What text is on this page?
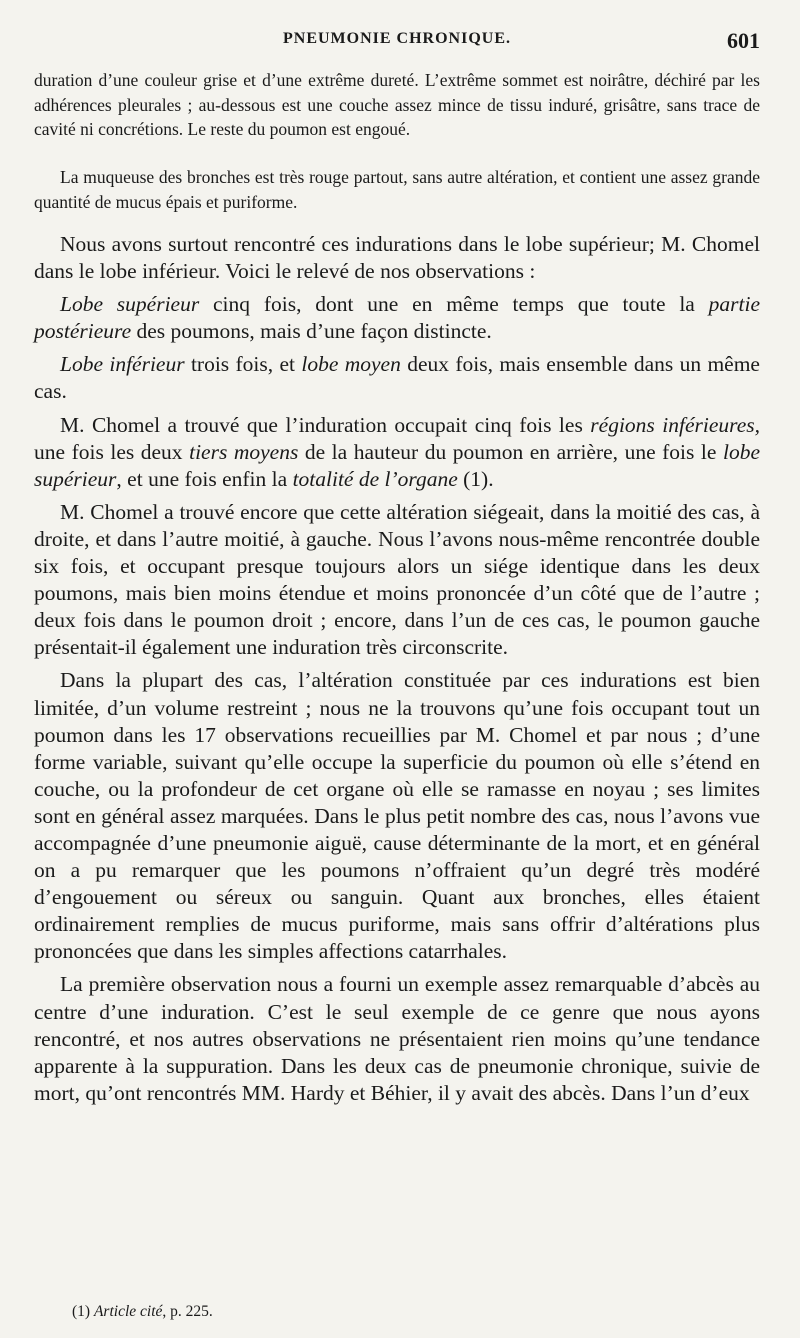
PNEUMONIE CHRONIQUE.	601

duration d’une couleur grise et d’une extrême dureté. L’extrême sommet est noirâtre, déchiré par les adhérences pleurales ; au-dessous est une couche assez mince de tissu induré, grisâtre, sans trace de cavité ni concrétions. Le reste du poumon est engoué.

La muqueuse des bronches est très rouge partout, sans autre altération, et contient une assez grande quantité de mucus épais et puriforme.

Nous avons surtout rencontré ces indurations dans le lobe supérieur; M. Chomel dans le lobe inférieur. Voici le relevé de nos observations :

Lobe supérieur cinq fois, dont une en même temps que toute la partie postérieure des poumons, mais d’une façon distincte.

Lobe inférieur trois fois, et lobe moyen deux fois, mais ensemble dans un même cas.

M. Chomel a trouvé que l’induration occupait cinq fois les régions inférieures, une fois les deux tiers moyens de la hauteur du poumon en arrière, une fois le lobe supérieur, et une fois enfin la totalité de l’organe (1).

M. Chomel a trouvé encore que cette altération siégeait, dans la moitié des cas, à droite, et dans l’autre moitié, à gauche. Nous l’avons nous-même rencontrée double six fois, et occupant presque toujours alors un siége identique dans les deux poumons, mais bien moins étendue et moins prononcée d’un côté que de l’autre ; deux fois dans le poumon droit ; encore, dans l’un de ces cas, le poumon gauche présentait-il également une induration très circonscrite.

Dans la plupart des cas, l’altération constituée par ces indurations est bien limitée, d’un volume restreint ; nous ne la trouvons qu’une fois occupant tout un poumon dans les 17 observations recueillies par M. Chomel et par nous ; d’une forme variable, suivant qu’elle occupe la superficie du poumon où elle s’étend en couche, ou la profondeur de cet organe où elle se ramasse en noyau ; ses limites sont en général assez marquées. Dans le plus petit nombre des cas, nous l’avons vue accompagnée d’une pneumonie aiguë, cause déterminante de la mort, et en général on a pu remarquer que les poumons n’offraient qu’un degré très modéré d’engouement ou séreux ou sanguin. Quant aux bronches, elles étaient ordinairement remplies de mucus puriforme, mais sans offrir d’altérations plus prononcées que dans les simples affections catarrhales.

La première observation nous a fourni un exemple assez remarquable d’abcès au centre d’une induration. C’est le seul exemple de ce genre que nous ayons rencontré, et nos autres observations ne présentaient rien moins qu’une tendance apparente à la suppuration. Dans les deux cas de pneumonie chronique, suivie de mort, qu’ont rencontrés MM. Hardy et Béhier, il y avait des abcès. Dans l’un d’eux

(1) Article cité, p. 225.
